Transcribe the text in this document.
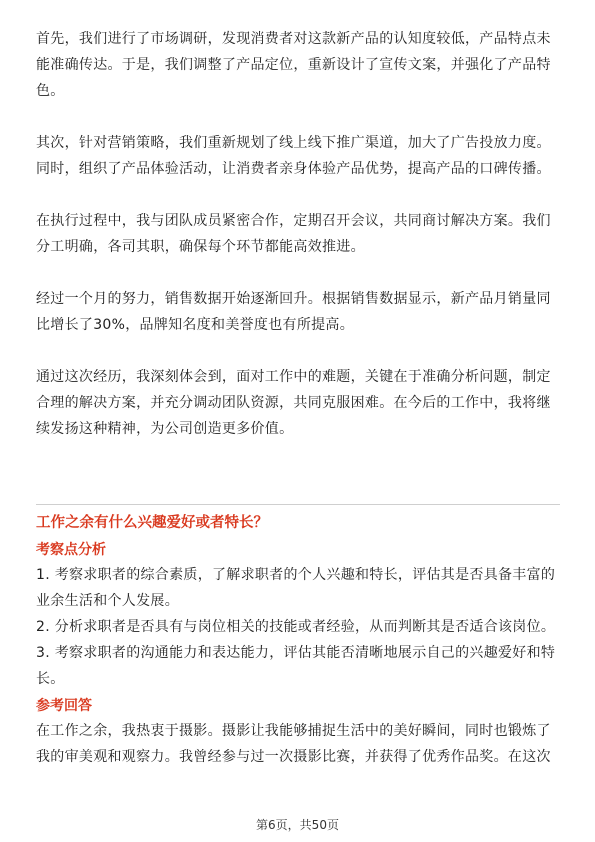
首先，我们进行了市场调研，发现消费者对这款新产品的认知度较低，产品特点未能准确传达。于是，我们调整了产品定位，重新设计了宣传文案，并强化了产品特色。

其次，针对营销策略，我们重新规划了线上线下推广渠道，加大了广告投放力度。同时，组织了产品体验活动，让消费者亲身体验产品优势，提高产品的口碑传播。

在执行过程中，我与团队成员紧密合作，定期召开会议，共同商讨解决方案。我们分工明确，各司其职，确保每个环节都能高效推进。

经过一个月的努力，销售数据开始逐渐回升。根据销售数据显示，新产品月销量同比增长了30%，品牌知名度和美誉度也有所提高。

通过这次经历，我深刻体会到，面对工作中的难题，关键在于准确分析问题，制定合理的解决方案，并充分调动团队资源，共同克服困难。在今后的工作中，我将继续发扬这种精神，为公司创造更多价值。

工作之余有什么兴趣爱好或者特长？
考察点分析

1. 考察求职者的综合素质，了解求职者的个人兴趣和特长，评估其是否具备丰富的业余生活和个人发展。

2. 分析求职者是否具有与岗位相关的技能或者经验，从而判断其是否适合该岗位。

3. 考察求职者的沟通能力和表达能力，评估其能否清晰地展示自己的兴趣爱好和特长。

参考回答

在工作之余，我热衷于摄影。摄影让我能够捕捉生活中的美好瞬间，同时也锻炼了我的审美观和观察力。我曾经参与过一次摄影比赛，并获得了优秀作品奖。在这次

第6页，共50页
